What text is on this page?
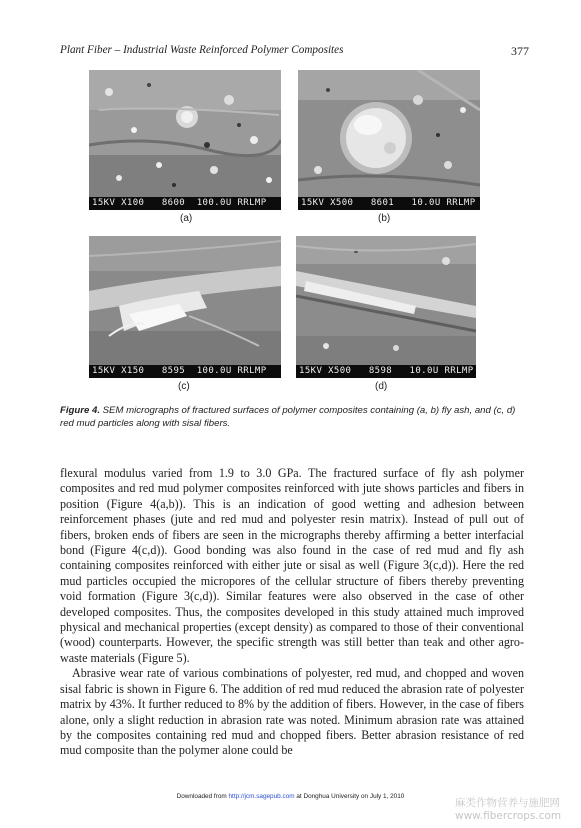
Plant Fiber – Industrial Waste Reinforced Polymer Composites	377
15KV X100   8600  100.0U RRLMP	15KV X500   8601   10.0U RRLMP
15KV X150   8595  100.0U RRLMP	15KV X500   8598   10.0U RRLMP
(a)	(b)
(c)	(d)
Figure 4. SEM micrographs of fractured surfaces of polymer composites containing (a, b) fly ash, and (c, d) red mud particles along with sisal fibers.

flexural modulus varied from 1.9 to 3.0 GPa. The fractured surface of fly ash polymer composites and red mud polymer composites reinforced with jute shows particles and fibers in position (Figure 4(a,b)). This is an indication of good wetting and adhesion between reinforcement phases (jute and red mud and polyester resin matrix). Instead of pull out of fibers, broken ends of fibers are seen in the micrographs thereby affirming a better interfacial bond (Figure 4(c,d)). Good bonding was also found in the case of red mud and fly ash containing composites reinforced with either jute or sisal as well (Figure 3(c,d)). Here the red mud particles occupied the micropores of the cellular structure of fibers thereby preventing void formation (Figure 3(c,d)). Similar features were also observed in the case of other developed composites. Thus, the composites developed in this study attained much improved physical and mechanical properties (except density) as compared to those of their conventional (wood) counterparts. However, the specific strength was still better than teak and other agro-waste materials (Figure 5).

Abrasive wear rate of various combinations of polyester, red mud, and chopped and woven sisal fabric is shown in Figure 6. The addition of red mud reduced the abrasion rate of polyester matrix by 43%. It further reduced to 8% by the addition of fibers. However, in the case of fibers alone, only a slight reduction in abrasion rate was noted. Minimum abrasion rate was attained by the composites containing red mud and chopped fibers. Better abrasion resistance of red mud composite than the polymer alone could be

Downloaded from http://jcm.sagepub.com at Donghua University on July 1, 2010
麻类作物营养与施肥网
www.fibercrops.com
